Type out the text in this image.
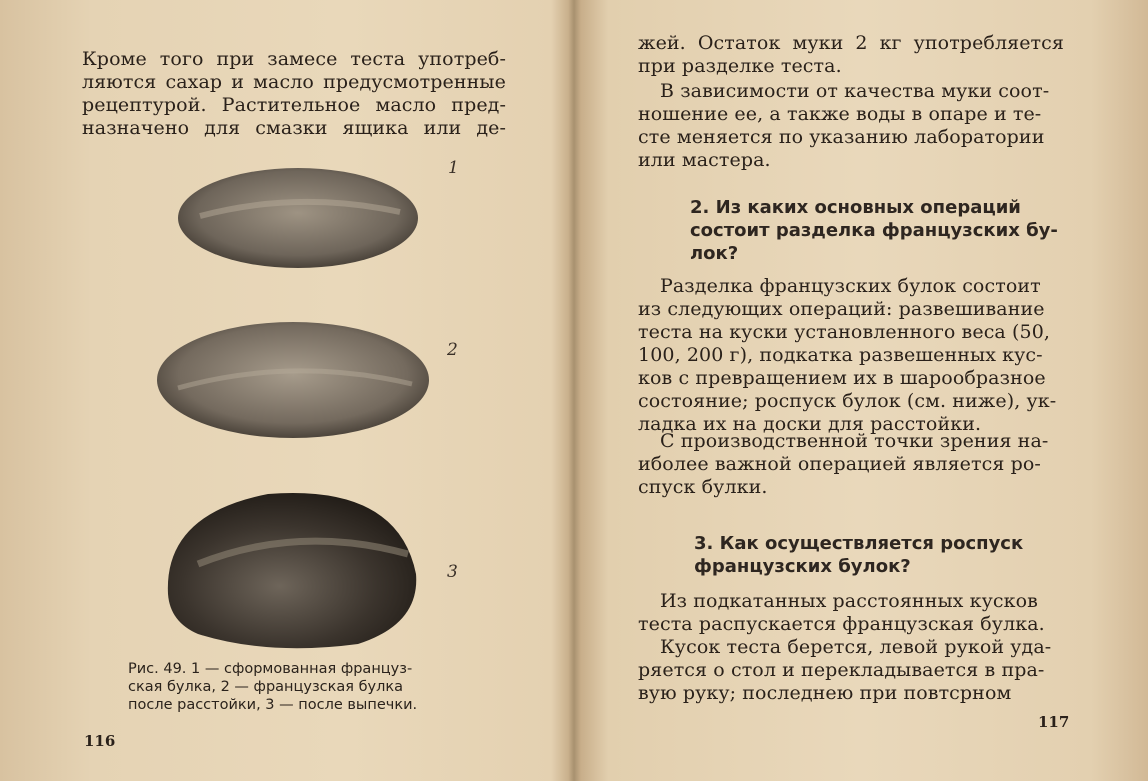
Кроме того при замесе теста употреб-
ляются сахар и масло предусмотренные
рецептурой. Растительное масло пред-
назначено для смазки ящика или де-
1
2
3
Рис. 49. 1 — сформованная француз-
ская булка, 2 — французская булка
после расстойки, 3 — после выпечки.
116
жей. Остаток муки 2 кг употребляется
при разделке теста.
В зависимости от качества муки соот-
ношение ее, а также воды в опаре и те-
сте меняется по указанию лаборатории
или мастера.
2. Из каких основных операций
состоит разделка французских бу-
лок?
Разделка французских булок состоит
из следующих операций: развешивание
теста на куски установленного веса (50,
100, 200 г), подкатка развешенных кус-
ков с превращением их в шарообразное
состояние; роспуск булок (см. ниже), ук-
ладка их на доски для расстойки.
С производственной точки зрения на-
иболее важной операцией является ро-
спуск булки.
3. Как осуществляется роспуск
французских булок?
Из подкатанных расстоянных кусков
теста распускается французская булка.
Кусок теста берется, левой рукой уда-
ряется о стол и перекладывается в пра-
вую руку; последнею при повтсрном
117
